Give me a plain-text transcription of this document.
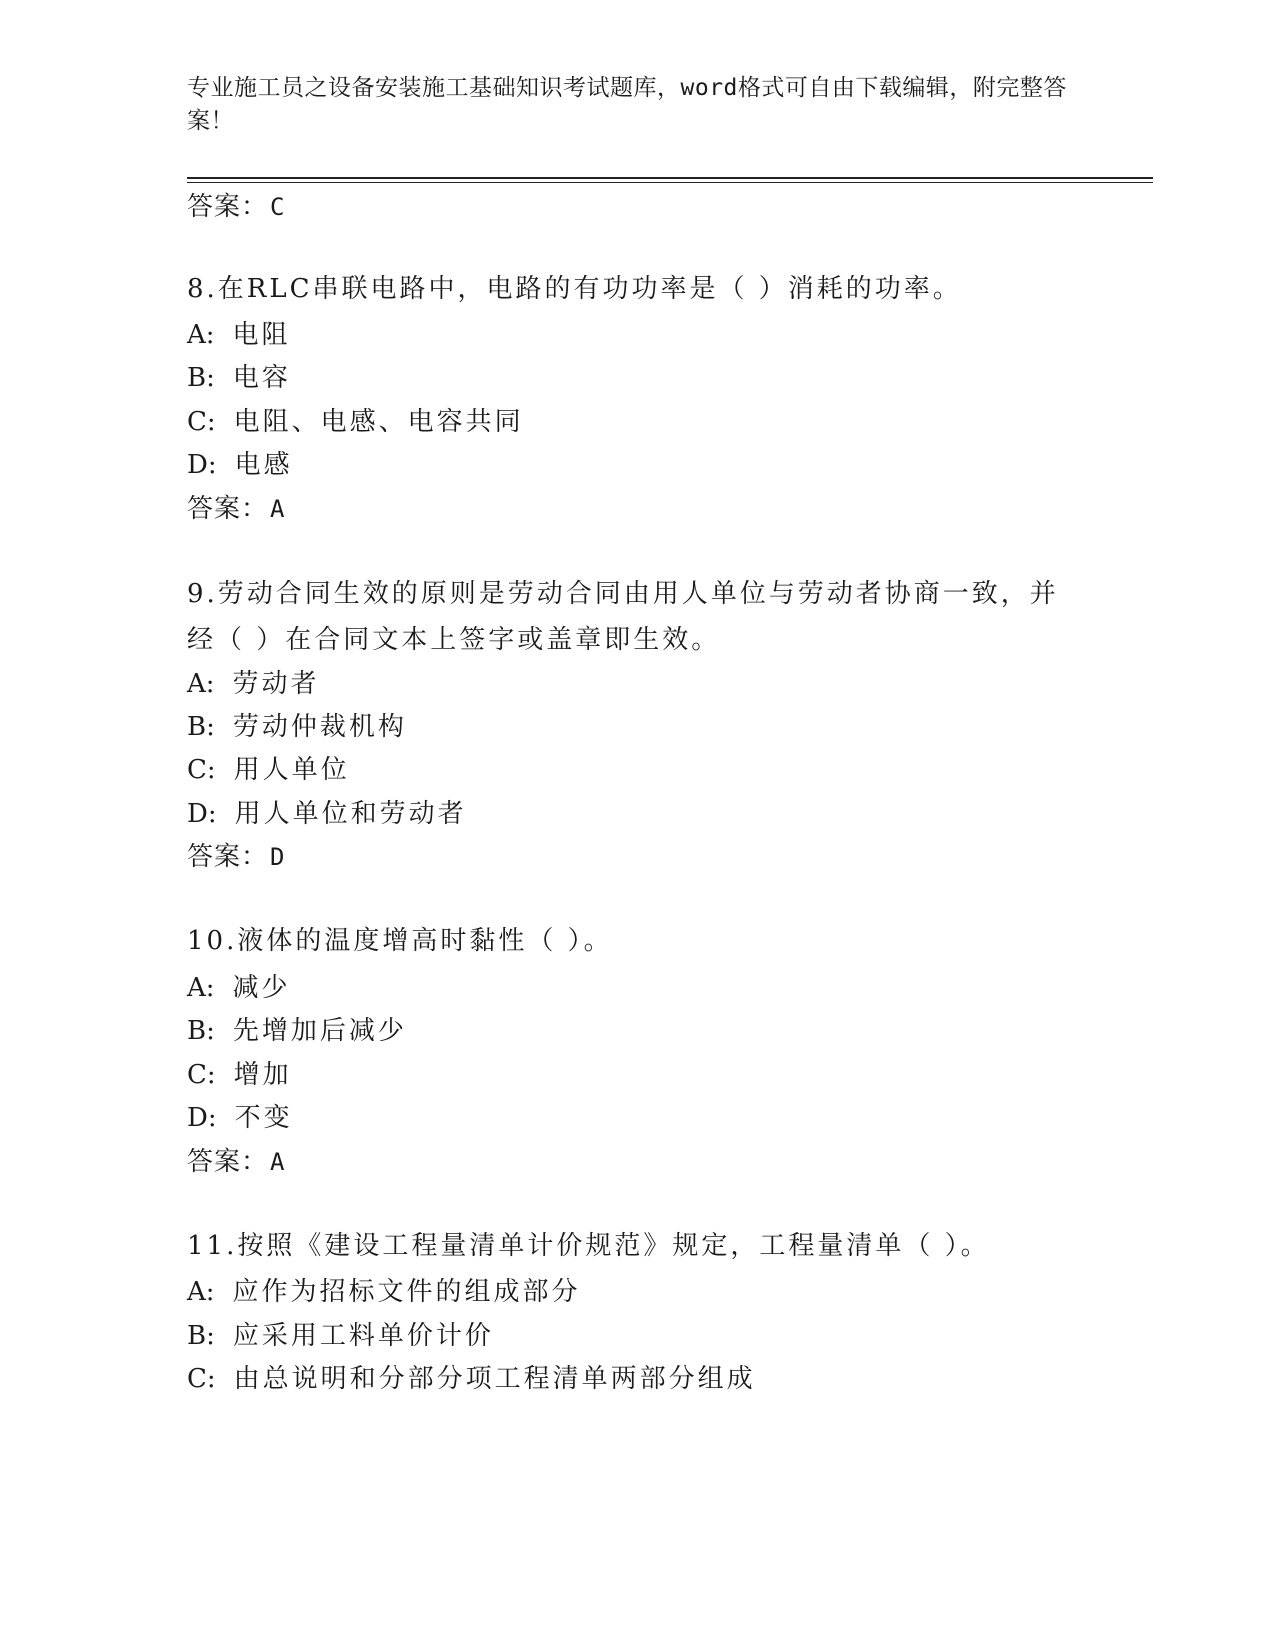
专业施工员之设备安装施工基础知识考试题库，word格式可自由下载编辑，附完整答案！
答案：C
8.在RLC串联电路中，电路的有功功率是（ ）消耗的功率。
A: 电阻
B: 电容
C: 电阻、电感、电容共同
D: 电感
答案：A
9.劳动合同生效的原则是劳动合同由用人单位与劳动者协商一致，并经（ ）在合同文本上签字或盖章即生效。
A: 劳动者
B: 劳动仲裁机构
C: 用人单位
D: 用人单位和劳动者
答案：D
10.液体的温度增高时黏性（ ）。
A: 减少
B: 先增加后减少
C: 增加
D: 不变
答案：A
11.按照《建设工程量清单计价规范》规定，工程量清单（ ）。
A: 应作为招标文件的组成部分
B: 应采用工料单价计价
C: 由总说明和分部分项工程清单两部分组成
